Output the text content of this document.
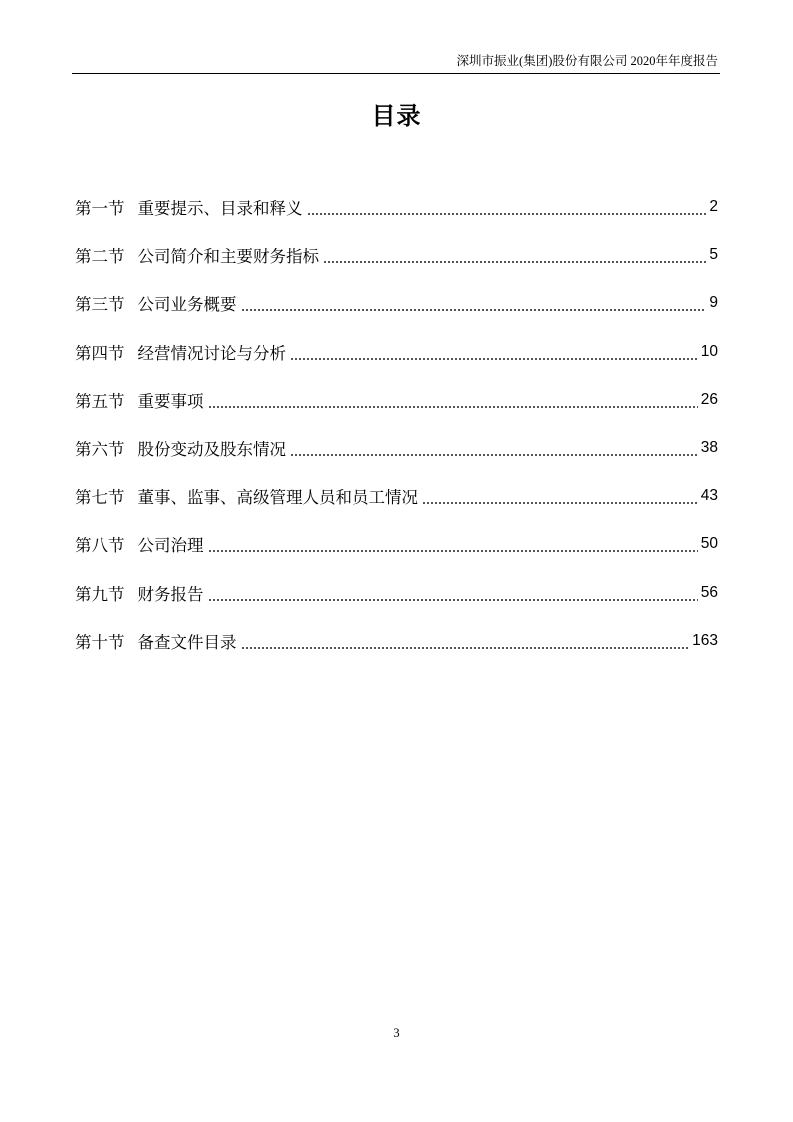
深圳市振业(集团)股份有限公司 2020年年度报告
目录
第一节 重要提示、目录和释义	2
第二节 公司简介和主要财务指标	5
第三节 公司业务概要	9
第四节 经营情况讨论与分析	10
第五节 重要事项	26
第六节 股份变动及股东情况	38
第七节 董事、监事、高级管理人员和员工情况	43
第八节 公司治理	50
第九节 财务报告	56
第十节 备查文件目录	163
3
